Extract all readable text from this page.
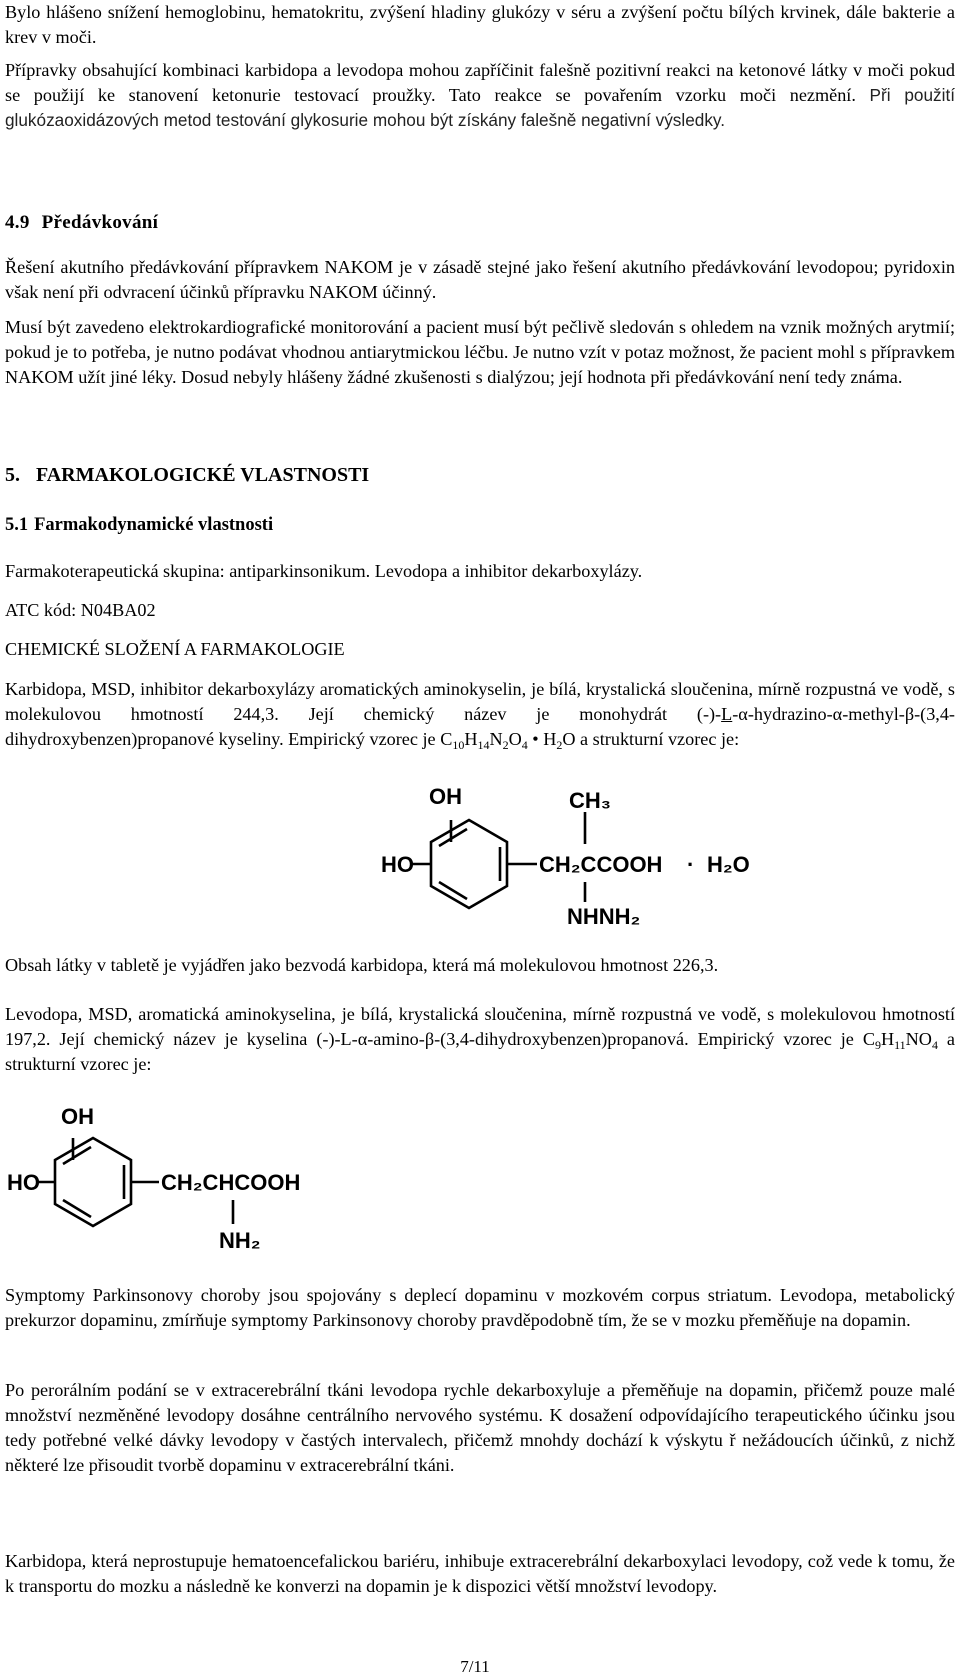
Bylo hlášeno snížení hemoglobinu, hematokritu, zvýšení hladiny glukózy v séru a zvýšení počtu bílých krvinek, dále bakterie a krev v moči.

Přípravky obsahující kombinaci karbidopa a levodopa mohou zapříčinit falešně pozitivní reakci na ketonové látky v moči pokud se použijí ke stanovení ketonurie testovací proužky. Tato reakce se povařením vzorku moči nezmění. Při použití glukózaoxidázových metod testování glykosurie mohou být získány falešně negativní výsledky.

4.9 Předávkování

Řešení akutního předávkování přípravkem NAKOM je v zásadě stejné jako řešení akutního předávkování levodopou; pyridoxin však není při odvracení účinků přípravku NAKOM účinný.

Musí být zavedeno elektrokardiografické monitorování a pacient musí být pečlivě sledován s ohledem na vznik možných arytmií; pokud je to potřeba, je nutno podávat vhodnou antiarytmickou léčbu. Je nutno vzít v potaz možnost, že pacient mohl s přípravkem NAKOM užít jiné léky. Dosud nebyly hlášeny žádné zkušenosti s dialýzou; její hodnota při předávkování není tedy známa.

5. FARMAKOLOGICKÉ VLASTNOSTI
5.1 Farmakodynamické vlastnosti

Farmakoterapeutická skupina: antiparkinsonikum. Levodopa a inhibitor dekarboxylázy.

ATC kód: N04BA02

CHEMICKÉ SLOŽENÍ A FARMAKOLOGIE

Karbidopa, MSD, inhibitor dekarboxylázy aromatických aminokyselin, je bílá, krystalická sloučenina, mírně rozpustná ve vodě, s molekulovou hmotností 244,3. Její chemický název je monohydrát (-)-L-α-hydrazino-α-methyl-β-(3,4-dihydroxybenzen)propanové kyseliny. Empirický vzorec je $C_{10}H_{14}N_2O_4$ • $H_2O$ a strukturní vzorec je:

OH
HO	CH₂CCOOH
CH₃
NHNH₂
· H₂O

Obsah látky v tabletě je vyjádřen jako bezvodá karbidopa, která má molekulovou hmotnost 226,3.

Levodopa, MSD, aromatická aminokyselina, je bílá, krystalická sloučenina, mírně rozpustná ve vodě, s molekulovou hmotností 197,2. Její chemický název je kyselina (-)-L-α-amino-β-(3,4-dihydroxybenzen)propanová. Empirický vzorec je $C_9H_{11}NO_4$ a strukturní vzorec je:

OH
HO	CH₂CHCOOH
NH₂

Symptomy Parkinsonovy choroby jsou spojovány s deplecí dopaminu v mozkovém corpus striatum. Levodopa, metabolický prekurzor dopaminu, zmírňuje symptomy Parkinsonovy choroby pravděpodobně tím, že se v mozku přeměňuje na dopamin.

Po perorálním podání se v extracerebrální tkáni levodopa rychle dekarboxyluje a přeměňuje na dopamin, přičemž pouze malé množství nezměněné levodopy dosáhne centrálního nervového systému. K dosažení odpovídajícího terapeutického účinku jsou tedy potřebné velké dávky levodopy v častých intervalech, přičemž mnohdy dochází k výskytu ř nežádoucích účinků, z nichž některé lze přisoudit tvorbě dopaminu v extracerebrální tkáni.

Karbidopa, která neprostupuje hematoencefalickou bariéru, inhibuje extracerebrální dekarboxylaci levodopy, což vede k tomu, že k transportu do mozku a následně ke konverzi na dopamin je k dispozici větší množství levodopy.

7/11
